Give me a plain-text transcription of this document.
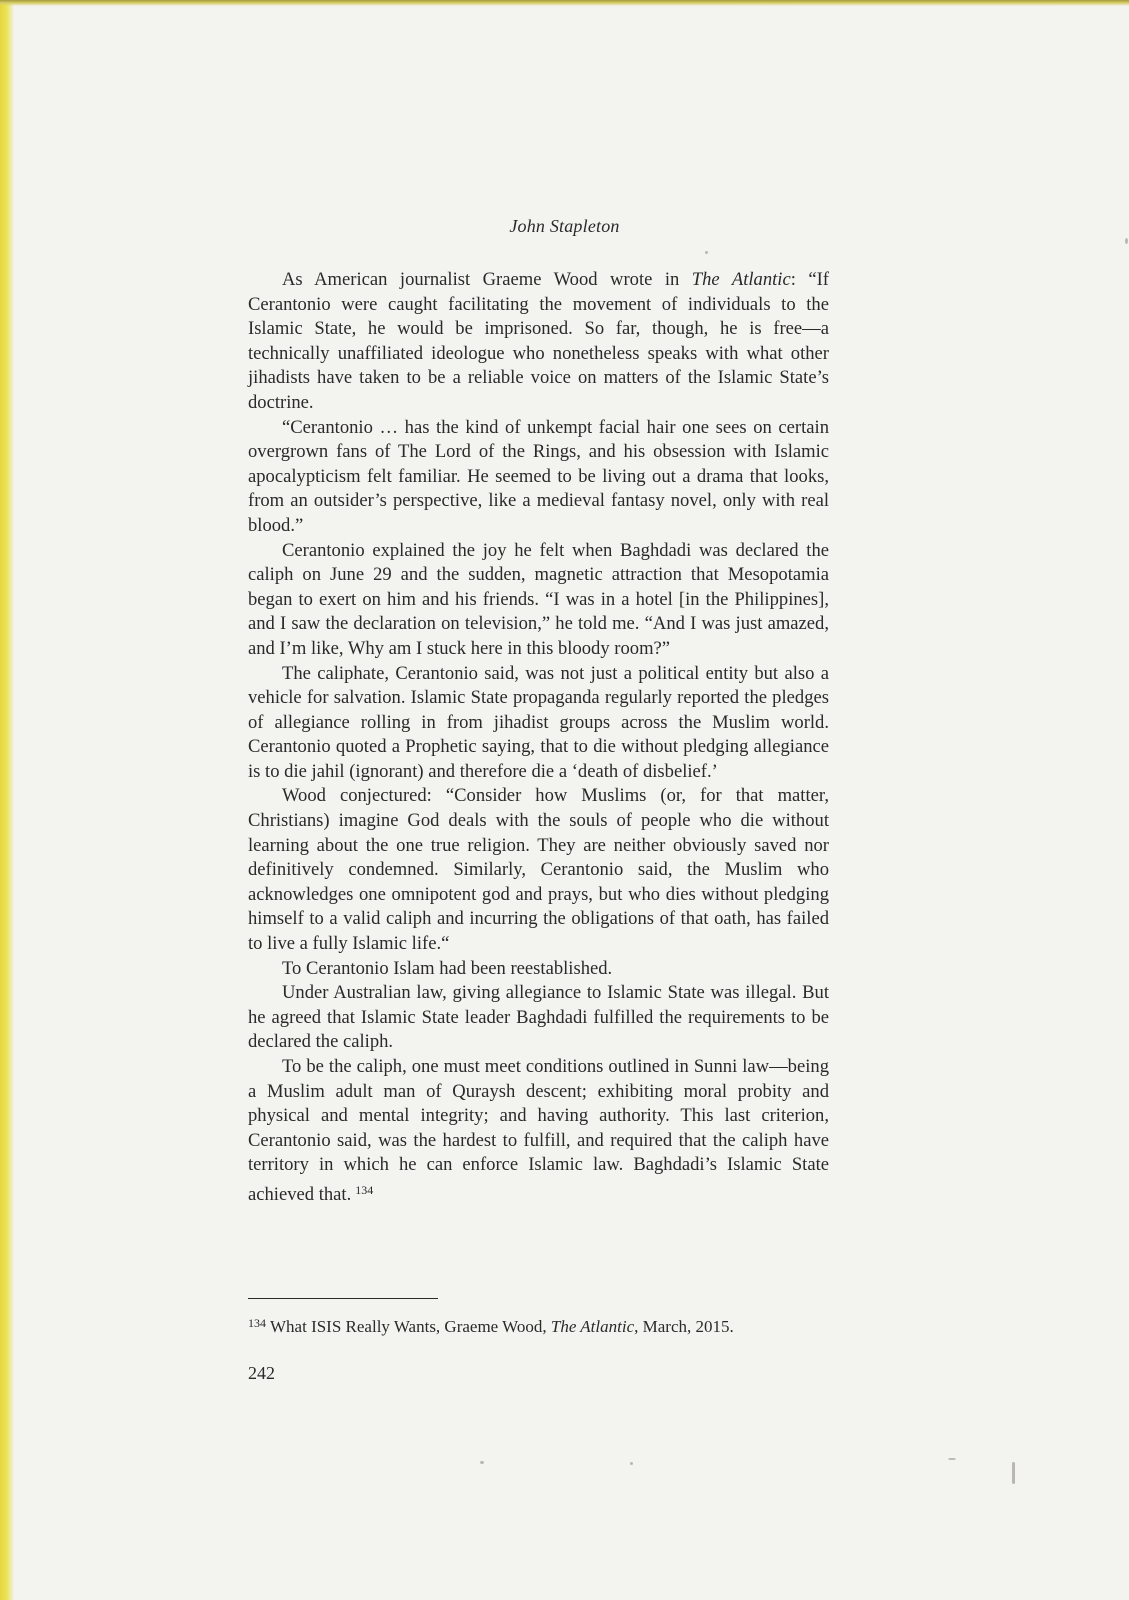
John Stapleton

As American journalist Graeme Wood wrote in The Atlantic: “If Cerantonio were caught facilitating the movement of individuals to the Islamic State, he would be imprisoned. So far, though, he is free—a technically unaffiliated ideologue who nonetheless speaks with what other jihadists have taken to be a reliable voice on matters of the Islamic State’s doctrine.

“Cerantonio … has the kind of unkempt facial hair one sees on certain overgrown fans of The Lord of the Rings, and his obsession with Islamic apocalypticism felt familiar. He seemed to be living out a drama that looks, from an outsider’s perspective, like a medieval fantasy novel, only with real blood.”

Cerantonio explained the joy he felt when Baghdadi was declared the caliph on June 29 and the sudden, magnetic attraction that Mesopotamia began to exert on him and his friends. “I was in a hotel [in the Philippines], and I saw the declaration on television,” he told me. “And I was just amazed, and I’m like, Why am I stuck here in this bloody room?”

The caliphate, Cerantonio said, was not just a political entity but also a vehicle for salvation. Islamic State propaganda regularly reported the pledges of allegiance rolling in from jihadist groups across the Muslim world. Cerantonio quoted a Prophetic saying, that to die without pledging allegiance is to die jahil (ignorant) and therefore die a ‘death of disbelief.’

Wood conjectured: “Consider how Muslims (or, for that matter, Christians) imagine God deals with the souls of people who die without learning about the one true religion. They are neither obviously saved nor definitively condemned. Similarly, Cerantonio said, the Muslim who acknowledges one omnipotent god and prays, but who dies without pledging himself to a valid caliph and incurring the obligations of that oath, has failed to live a fully Islamic life.“

To Cerantonio Islam had been reestablished.

Under Australian law, giving allegiance to Islamic State was illegal. But he agreed that Islamic State leader Baghdadi fulfilled the requirements to be declared the caliph.

To be the caliph, one must meet conditions outlined in Sunni law—being a Muslim adult man of Quraysh descent; exhibiting moral probity and physical and mental integrity; and having authority. This last criterion, Cerantonio said, was the hardest to fulfill, and required that the caliph have territory in which he can enforce Islamic law. Baghdadi’s Islamic State achieved that. $^{134}$

$^{134}$ What ISIS Really Wants, Graeme Wood, The Atlantic, March, 2015.
242
